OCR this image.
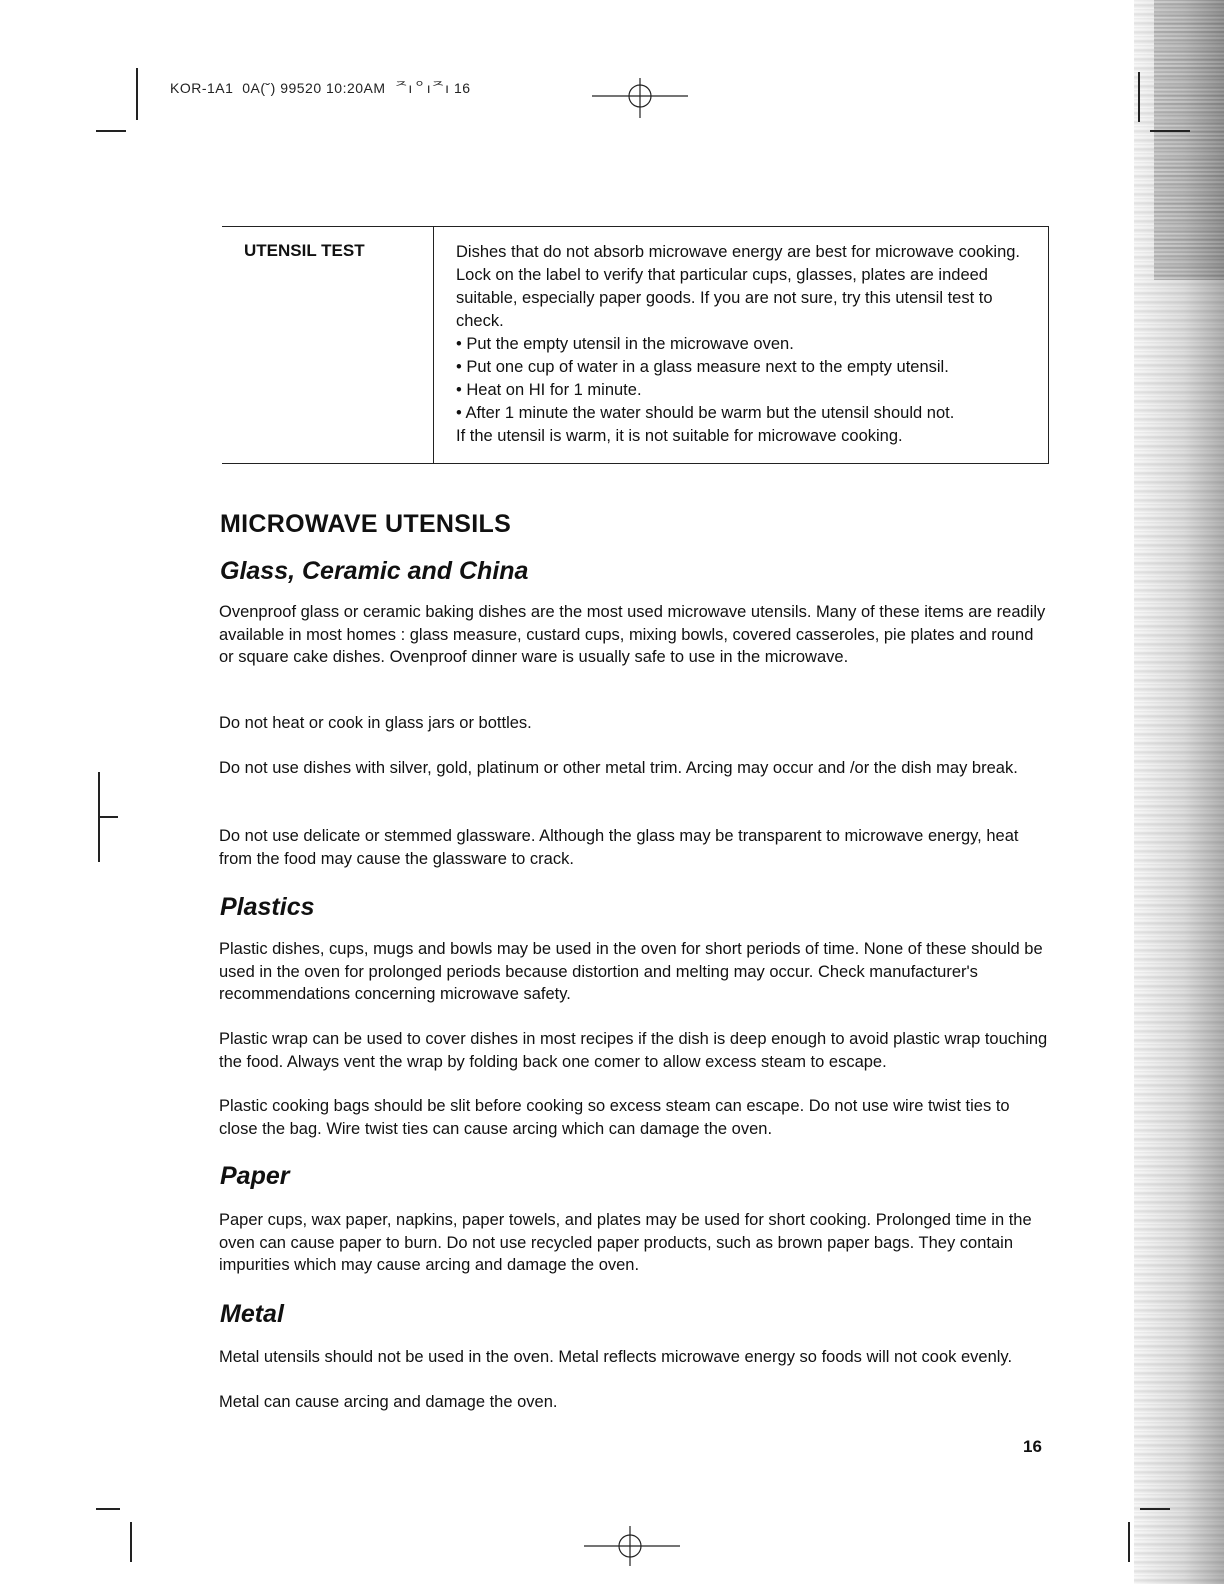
KOR-1A1  0A(˘) 99520 10:20AM  ᄌıᄋıᄌı 16
UTENSIL TEST	Dishes that do not absorb microwave energy are best for microwave cooking. Lock on the label to verify that particular cups, glasses, plates are indeed suitable, especially paper goods. If you are not sure, try this utensil test to check.

• Put the empty utensil in the microwave oven.

• Put one cup of water in a glass measure next to the empty utensil.

• Heat on HI for 1 minute.

• After 1 minute the water should be warm but the utensil should not.

If the utensil is warm, it is not suitable for microwave cooking.

MICROWAVE UTENSILS
Glass, Ceramic and China

Ovenproof glass or ceramic baking dishes are the most used microwave utensils. Many of these items are readily available in most homes : glass measure, custard cups, mixing bowls, covered casseroles, pie plates and round or square cake dishes. Ovenproof dinner ware is usually safe to use in the microwave.

Do not heat or cook in glass jars or bottles.

Do not use dishes with silver, gold, platinum or other metal trim. Arcing may occur and /or the dish may break.

Do not use delicate or stemmed glassware. Although the glass may be transparent to microwave energy, heat from the food may cause the glassware to crack.

Plastics

Plastic dishes, cups, mugs and bowls may be used in the oven for short periods of time. None of these should be used in the oven for prolonged periods because distortion and melting may occur. Check manufacturer's recommendations concerning microwave safety.

Plastic wrap can be used to cover dishes in most recipes if the dish is deep enough to avoid plastic wrap touching the food. Always vent the wrap by folding back one comer to allow excess steam to escape.

Plastic cooking bags should be slit before cooking so excess steam can escape. Do not use wire twist ties to close the bag. Wire twist ties can cause arcing which can damage the oven.

Paper

Paper cups, wax paper, napkins, paper towels, and plates may be used for short cooking. Prolonged time in the oven can cause paper to burn. Do not use recycled paper products, such as brown paper bags. They contain impurities which may cause arcing and damage the oven.

Metal

Metal utensils should not be used in the oven. Metal reflects microwave energy so foods will not cook evenly.

Metal can cause arcing and damage the oven.

16
